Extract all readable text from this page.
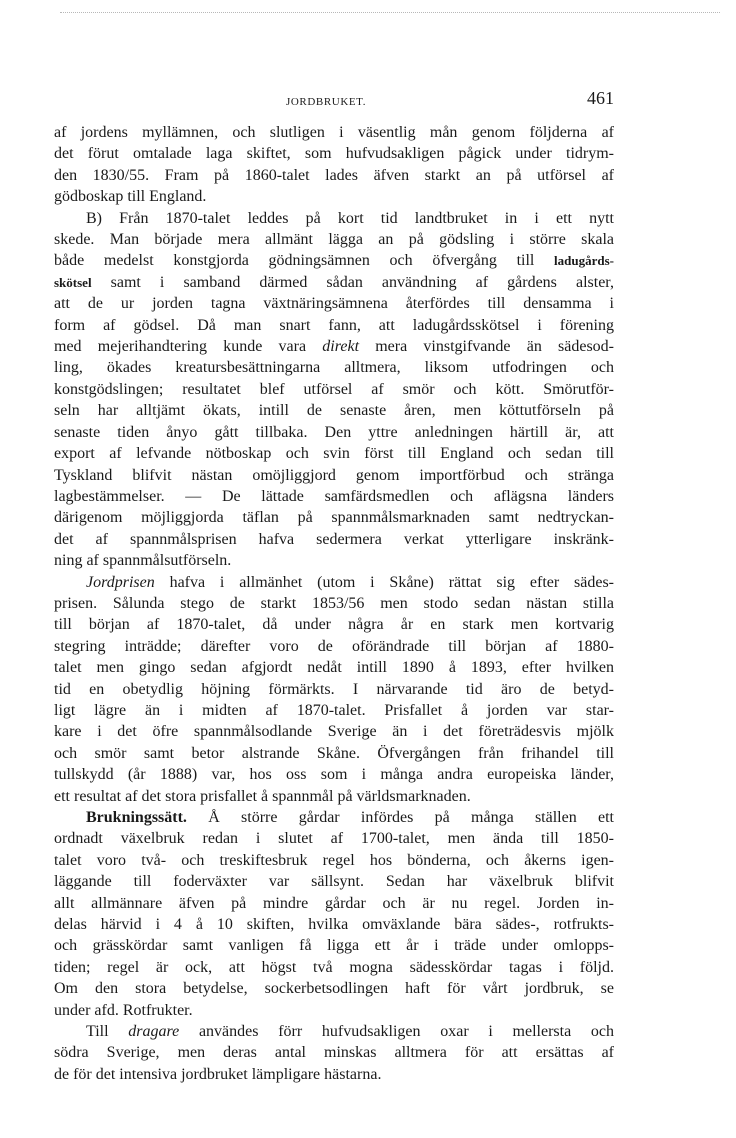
JORDBRUKET.	461
af jordens myllämnen, och slutligen i väsentlig mån genom följderna af
det förut omtalade laga skiftet, som hufvudsakligen pågick under tidrym-
den 1830/55. Fram på 1860-talet lades äfven starkt an på utförsel af
gödboskap till England.
B) Från 1870-talet leddes på kort tid landtbruket in i ett nytt
skede. Man började mera allmänt lägga an på gödsling i större skala
både medelst konstgjorda gödningsämnen och öfvergång till ladugårds-
skötsel samt i samband därmed sådan användning af gårdens alster,
att de ur jorden tagna växtnäringsämnena återfördes till densamma i
form af gödsel. Då man snart fann, att ladugårdsskötsel i förening
med mejerihandtering kunde vara direkt mera vinstgifvande än sädesod-
ling, ökades kreatursbesättningarna alltmera, liksom utfodringen och
konstgödslingen; resultatet blef utförsel af smör och kött. Smörutför-
seln har alltjämt ökats, intill de senaste åren, men köttutförseln på
senaste tiden ånyo gått tillbaka. Den yttre anledningen härtill är, att
export af lefvande nötboskap och svin först till England och sedan till
Tyskland blifvit nästan omöjliggjord genom importförbud och stränga
lagbestämmelser. — De lättade samfärdsmedlen och aflägsna länders
därigenom möjliggjorda täflan på spannmålsmarknaden samt nedtryckan-
det af spannmålsprisen hafva sedermera verkat ytterligare inskränk-
ning af spannmålsutförseln.
Jordprisen hafva i allmänhet (utom i Skåne) rättat sig efter sädes-
prisen. Sålunda stego de starkt 1853/56 men stodo sedan nästan stilla
till början af 1870-talet, då under några år en stark men kortvarig
stegring inträdde; därefter voro de oförändrade till början af 1880-
talet men gingo sedan afgjordt nedåt intill 1890 å 1893, efter hvilken
tid en obetydlig höjning förmärkts. I närvarande tid äro de betyd-
ligt lägre än i midten af 1870-talet. Prisfallet å jorden var star-
kare i det öfre spannmålsodlande Sverige än i det företrädesvis mjölk
och smör samt betor alstrande Skåne. Öfvergången från frihandel till
tullskydd (år 1888) var, hos oss som i många andra europeiska länder,
ett resultat af det stora prisfallet å spannmål på världsmarknaden.
Brukningssätt. Å större gårdar infördes på många ställen ett
ordnadt växelbruk redan i slutet af 1700-talet, men ända till 1850-
talet voro två- och treskiftesbruk regel hos bönderna, och åkerns igen-
läggande till foderväxter var sällsynt. Sedan har växelbruk blifvit
allt allmännare äfven på mindre gårdar och är nu regel. Jorden in-
delas härvid i 4 å 10 skiften, hvilka omväxlande bära sädes-, rotfrukts-
och grässkördar samt vanligen få ligga ett år i träde under omlopps-
tiden; regel är ock, att högst två mogna sädesskördar tagas i följd.
Om den stora betydelse, sockerbetsodlingen haft för vårt jordbruk, se
under afd. Rotfrukter.
Till dragare användes förr hufvudsakligen oxar i mellersta och
södra Sverige, men deras antal minskas alltmera för att ersättas af
de för det intensiva jordbruket lämpligare hästarna.
